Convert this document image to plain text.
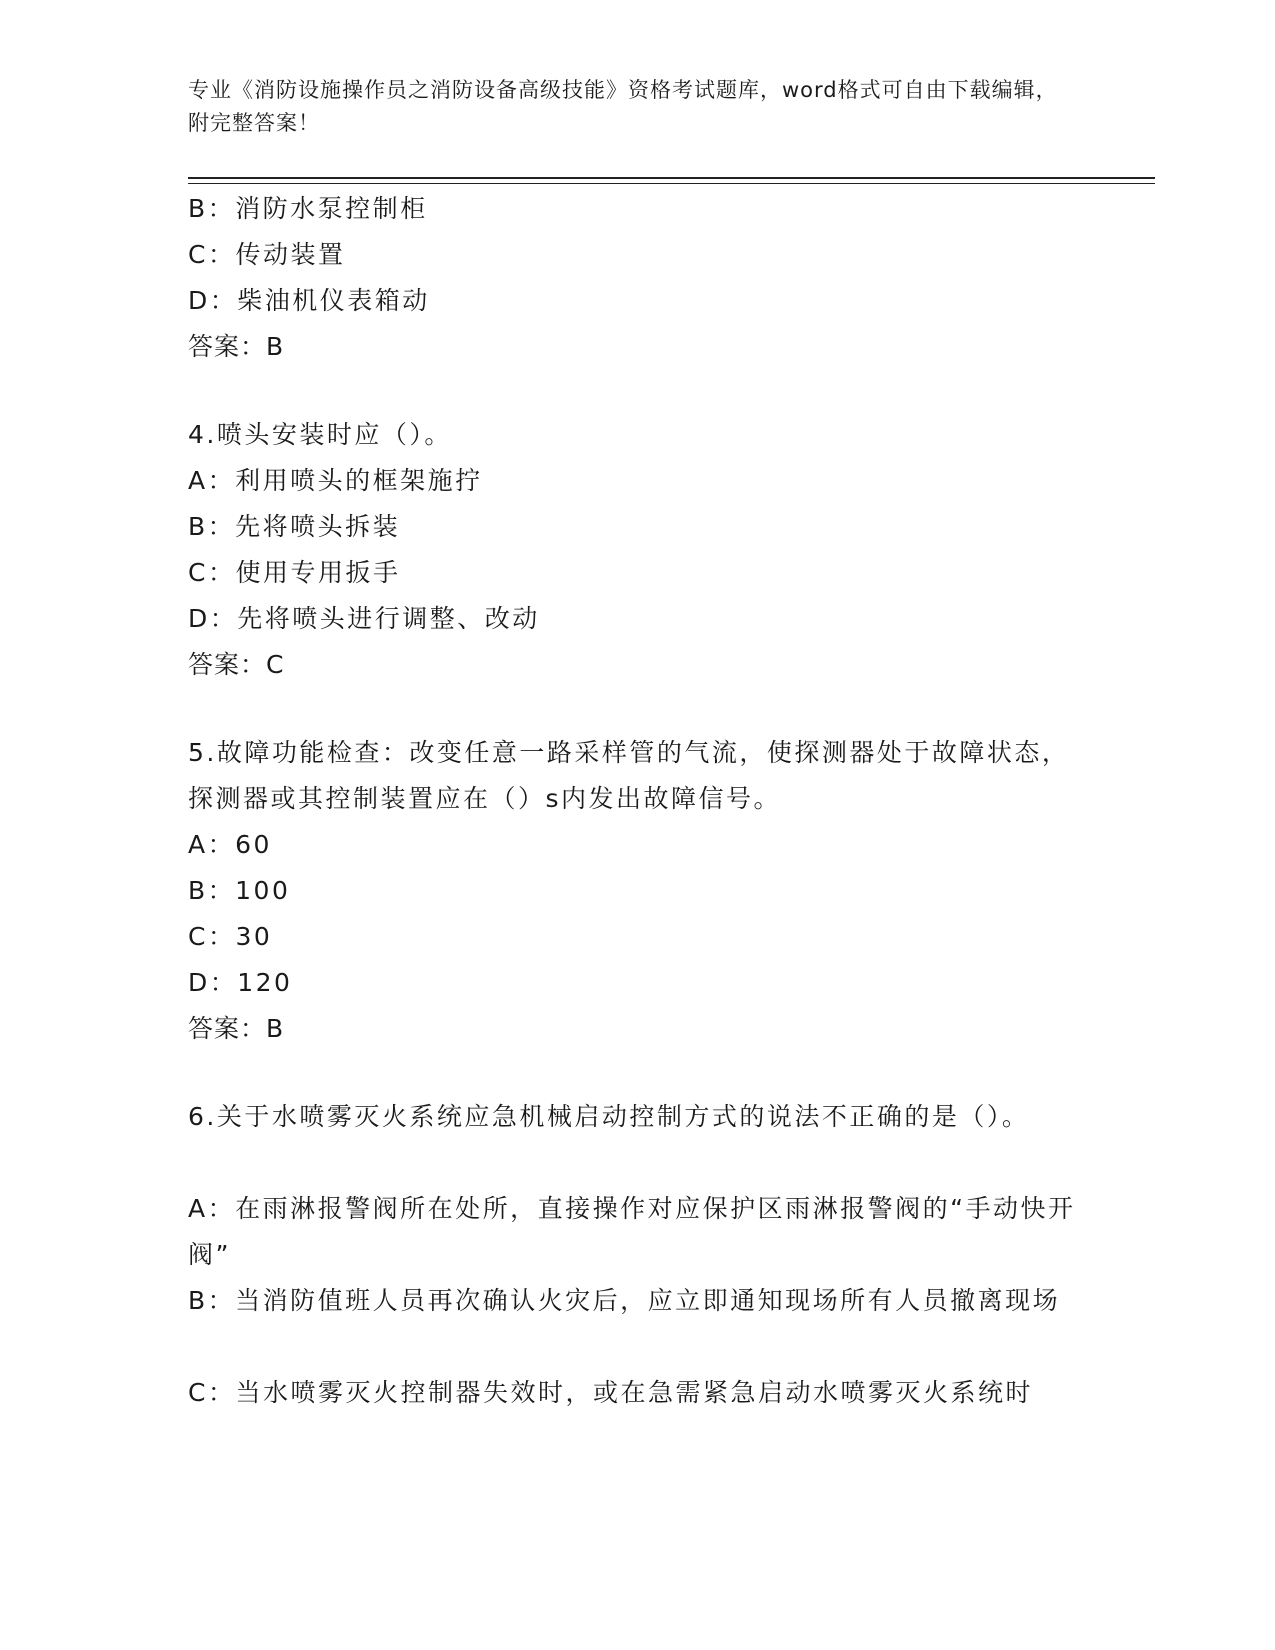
专业《消防设施操作员之消防设备高级技能》资格考试题库，word格式可自由下载编辑，附完整答案！
B：消防水泵控制柜
C：传动装置
D：柴油机仪表箱动
答案：B
4.喷头安装时应（）。
A：利用喷头的框架施拧
B：先将喷头拆装
C：使用专用扳手
D：先将喷头进行调整、改动
答案：C
5.故障功能检查：改变任意一路采样管的气流，使探测器处于故障状态，探测器或其控制装置应在（）s内发出故障信号。
A：60
B：100
C：30
D：120
答案：B
6.关于水喷雾灭火系统应急机械启动控制方式的说法不正确的是（）。
A：在雨淋报警阀所在处所，直接操作对应保护区雨淋报警阀的“手动快开阀”
B：当消防值班人员再次确认火灾后，应立即通知现场所有人员撤离现场
C：当水喷雾灭火控制器失效时，或在急需紧急启动水喷雾灭火系统时
